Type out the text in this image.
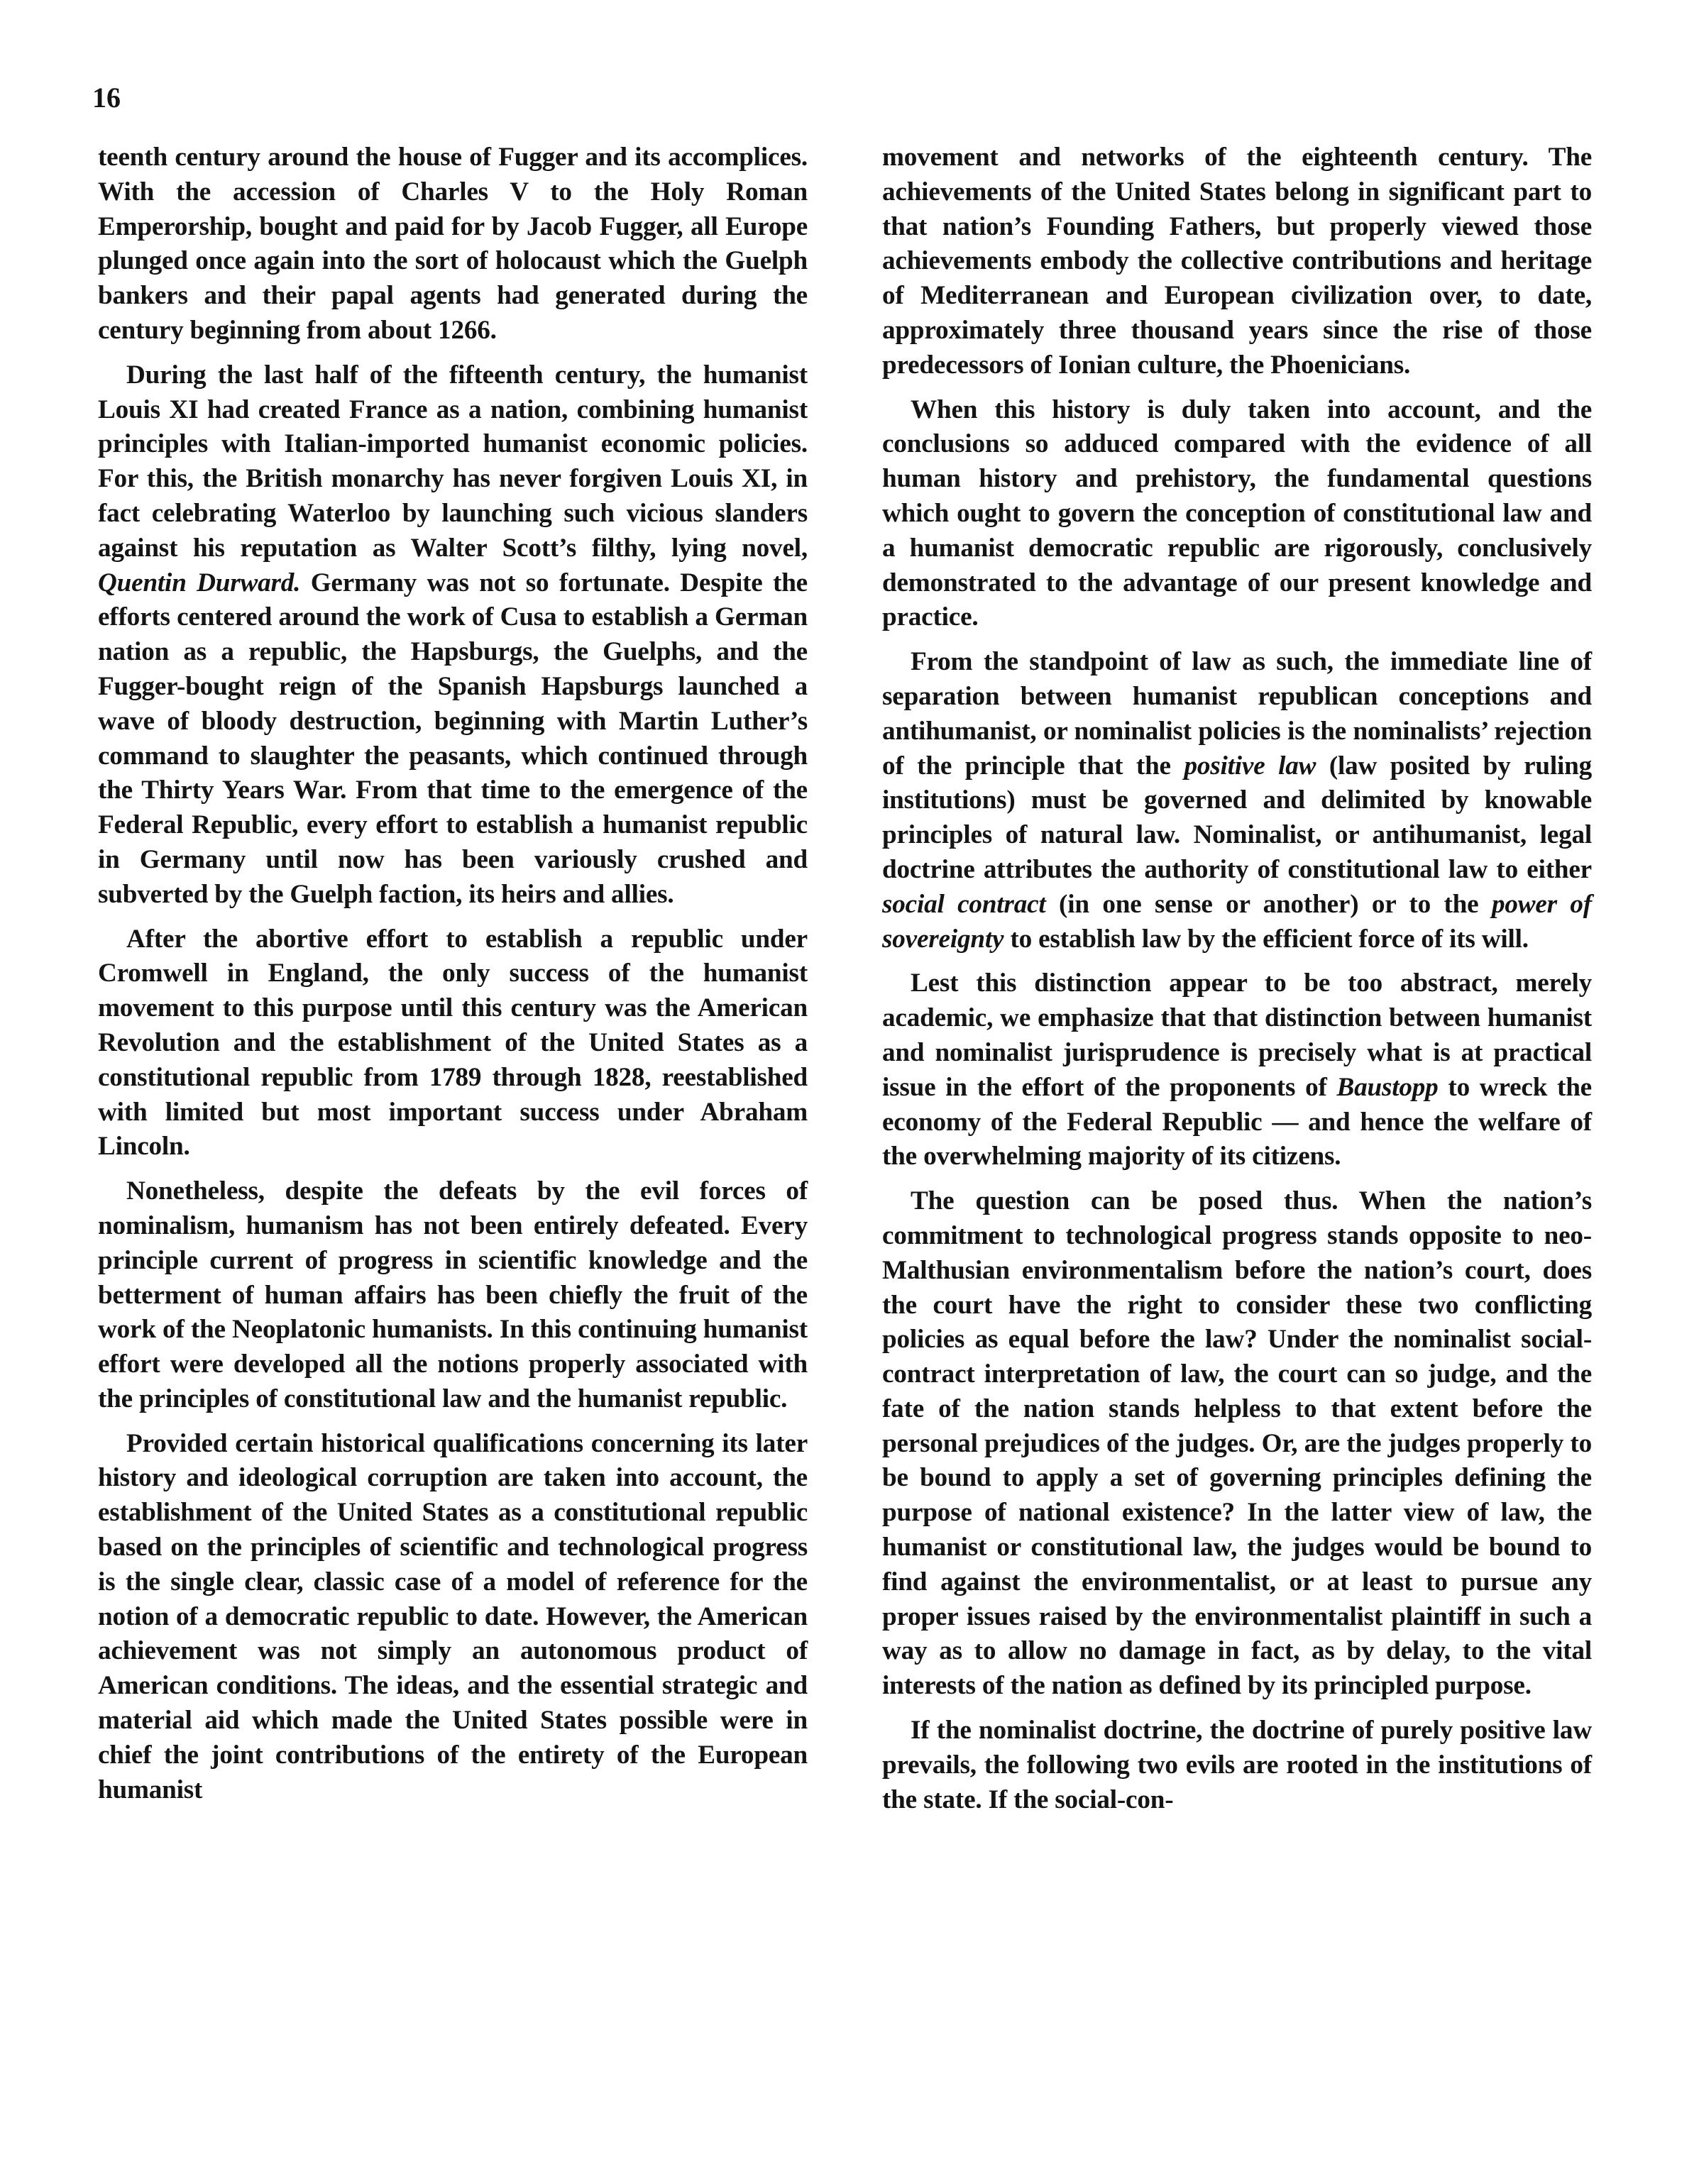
16

teenth century around the house of Fugger and its accomplices. With the accession of Charles V to the Holy Roman Emperorship, bought and paid for by Jacob Fugger, all Europe plunged once again into the sort of holocaust which the Guelph bankers and their papal agents had generated during the century beginning from about 1266.

During the last half of the fifteenth century, the humanist Louis XI had created France as a nation, combining humanist principles with Italian-imported humanist economic policies. For this, the British monarchy has never forgiven Louis XI, in fact celebrating Waterloo by launching such vicious slanders against his reputation as Walter Scott’s filthy, lying novel, Quentin Durward. Germany was not so fortunate. Despite the efforts centered around the work of Cusa to establish a German nation as a republic, the Hapsburgs, the Guelphs, and the Fugger-bought reign of the Spanish Hapsburgs launched a wave of bloody destruction, beginning with Martin Luther’s command to slaughter the peasants, which continued through the Thirty Years War. From that time to the emergence of the Federal Republic, every effort to establish a humanist republic in Germany until now has been variously crushed and subverted by the Guelph faction, its heirs and allies.

After the abortive effort to establish a republic under Cromwell in England, the only success of the humanist movement to this purpose until this century was the American Revolution and the establishment of the United States as a constitutional republic from 1789 through 1828, reestablished with limited but most important success under Abraham Lincoln.

Nonetheless, despite the defeats by the evil forces of nominalism, humanism has not been entirely defeated. Every principle current of progress in scientific knowledge and the betterment of human affairs has been chiefly the fruit of the work of the Neoplatonic humanists. In this continuing humanist effort were developed all the notions properly associated with the principles of constitutional law and the humanist republic.

Provided certain historical qualifications concerning its later history and ideological corruption are taken into account, the establishment of the United States as a constitutional republic based on the principles of scientific and technological progress is the single clear, classic case of a model of reference for the notion of a democratic republic to date. However, the American achievement was not simply an autonomous product of American conditions. The ideas, and the essential strategic and material aid which made the United States possible were in chief the joint contributions of the entirety of the European humanist

movement and networks of the eighteenth century. The achievements of the United States belong in significant part to that nation’s Founding Fathers, but properly viewed those achievements embody the collective contributions and heritage of Mediterranean and European civilization over, to date, approximately three thousand years since the rise of those predecessors of Ionian culture, the Phoenicians.

When this history is duly taken into account, and the conclusions so adduced compared with the evidence of all human history and prehistory, the fundamental questions which ought to govern the conception of constitutional law and a humanist democratic republic are rigorously, conclusively demonstrated to the advantage of our present knowledge and practice.

From the standpoint of law as such, the immediate line of separation between humanist republican conceptions and antihumanist, or nominalist policies is the nominalists’ rejection of the principle that the positive law (law posited by ruling institutions) must be governed and delimited by knowable principles of natural law. Nominalist, or antihumanist, legal doctrine attributes the authority of constitutional law to either social contract (in one sense or another) or to the power of sovereignty to establish law by the efficient force of its will.

Lest this distinction appear to be too abstract, merely academic, we emphasize that that distinction between humanist and nominalist jurisprudence is precisely what is at practical issue in the effort of the proponents of Baustopp to wreck the economy of the Federal Republic — and hence the welfare of the overwhelming majority of its citizens.

The question can be posed thus. When the nation’s commitment to technological progress stands opposite to neo-Malthusian environmentalism before the nation’s court, does the court have the right to consider these two conflicting policies as equal before the law? Under the nominalist social-contract interpretation of law, the court can so judge, and the fate of the nation stands helpless to that extent before the personal prejudices of the judges. Or, are the judges properly to be bound to apply a set of governing principles defining the purpose of national existence? In the latter view of law, the humanist or constitutional law, the judges would be bound to find against the environmentalist, or at least to pursue any proper issues raised by the environmentalist plaintiff in such a way as to allow no damage in fact, as by delay, to the vital interests of the nation as defined by its principled purpose.

If the nominalist doctrine, the doctrine of purely positive law prevails, the following two evils are rooted in the institutions of the state. If the social-con-
